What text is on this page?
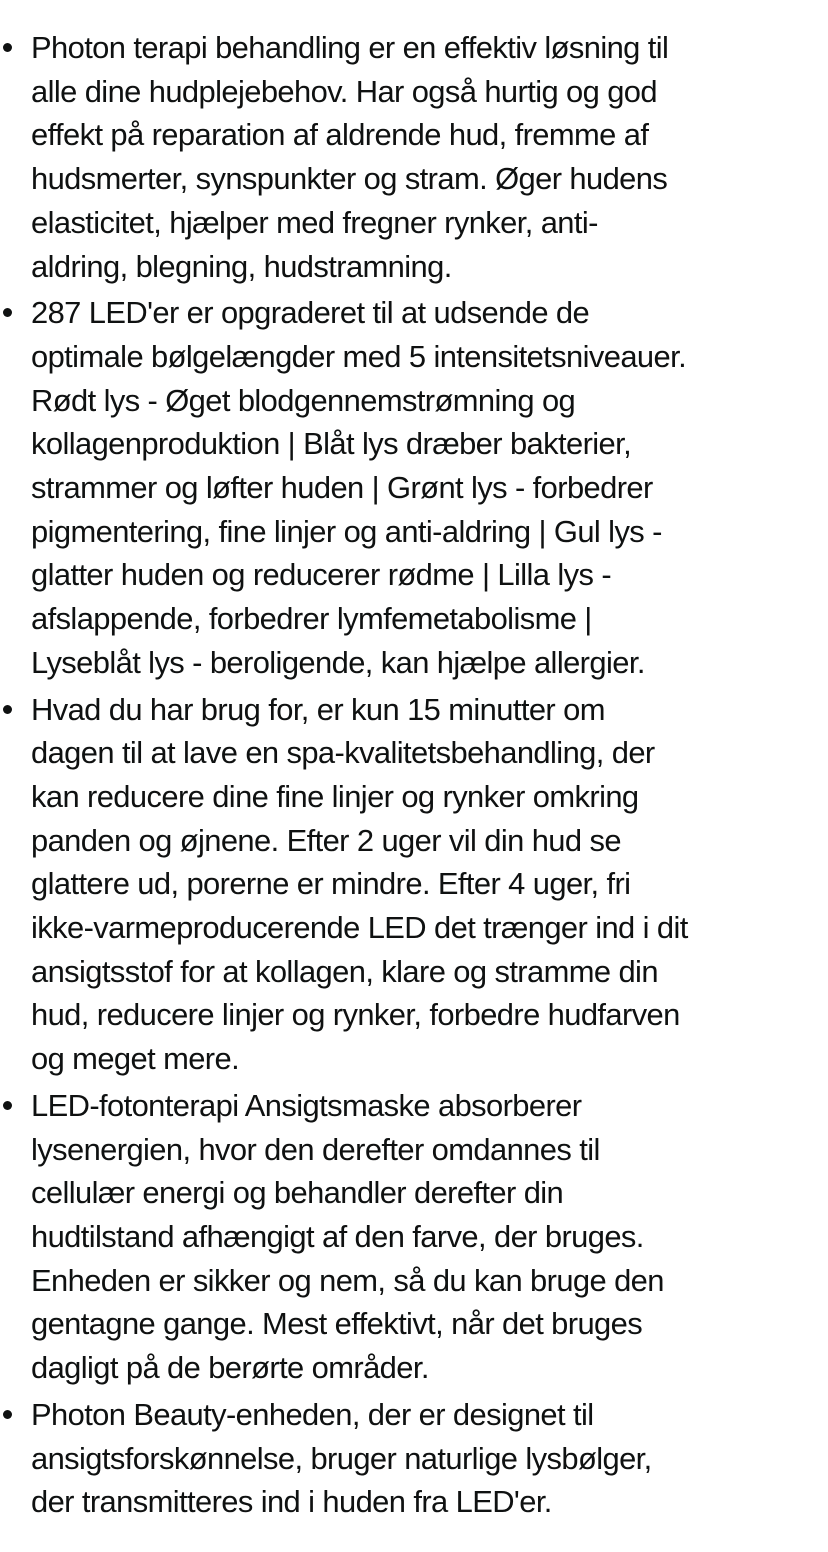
Photon terapi behandling er en effektiv løsning til
alle dine hudplejebehov. Har også hurtig og god
effekt på reparation af aldrende hud, fremme af
hudsmerter, synspunkter og stram. Øger hudens
elasticitet, hjælper med fregner rynker, anti-
aldring, blegning, hudstramning.
287 LED'er er opgraderet til at udsende de
optimale bølgelængder med 5 intensitetsniveauer.
Rødt lys - Øget blodgennemstrømning og
kollagenproduktion | Blåt lys dræber bakterier,
strammer og løfter huden | Grønt lys - forbedrer
pigmentering, fine linjer og anti-aldring | Gul lys -
glatter huden og reducerer rødme | Lilla lys -
afslappende, forbedrer lymfemetabolisme |
Lyseblåt lys - beroligende, kan hjælpe allergier.
Hvad du har brug for, er kun 15 minutter om
dagen til at lave en spa-kvalitetsbehandling, der
kan reducere dine fine linjer og rynker omkring
panden og øjnene. Efter 2 uger vil din hud se
glattere ud, porerne er mindre. Efter 4 uger, fri
ikke-varmeproducerende LED det trænger ind i dit
ansigtsstof for at kollagen, klare og stramme din
hud, reducere linjer og rynker, forbedre hudfarven
og meget mere.
LED-fotonterapi Ansigtsmaske absorberer
lysenergien, hvor den derefter omdannes til
cellulær energi og behandler derefter din
hudtilstand afhængigt af den farve, der bruges.
Enheden er sikker og nem, så du kan bruge den
gentagne gange. Mest effektivt, når det bruges
dagligt på de berørte områder.
Photon Beauty-enheden, der er designet til
ansigtsforskønnelse, bruger naturlige lysbølger,
der transmitteres ind i huden fra LED'er.
